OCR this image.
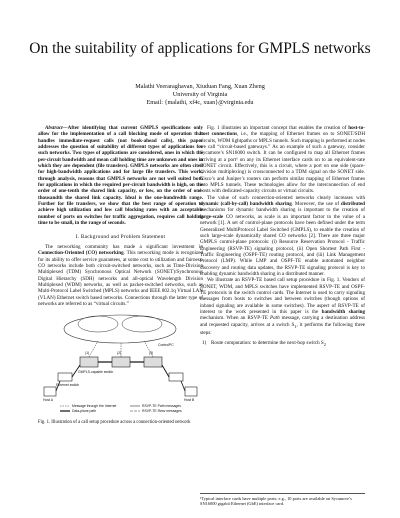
On the suitability of applications for GMPLS networks
Malathi Veeraraghavan, Xiuduan Fang, Xuan Zheng
University of Virginia
Email: {malathi, xf4c, xuan}@virginia.edu

Abstract—After identifying that current GMPLS specifications only allow for the implementation of a call blocking mode of operation that handles immediate-request calls (not book-ahead calls), this paper addresses the question of suitability of different types of applications for such networks. Two types of applications are considered, ones in which the per-circuit bandwidth and mean call holding time are unknown and ones in which they are dependent (file transfers). GMPLS networks are often cited for high-bandwidth applications and for large file transfers. This work, through analysis, reasons that GMPLS networks are not well suited both for applications in which the required per-circuit bandwidth is high, on the order of one-tenth the shared link capacity, or low, on the order of one-thousandth the shared link capacity. Ideal is the one-hundredth range. Further for file transfers, we show that the best range of operation to achieve high utilization and low call blocking rates with an acceptable number of ports on switches for traffic aggregation, requires call holding time to be small, in the range of seconds.

I. Background and Problem Statement

The networking community has made a significant investment in Connection-Oriented (CO) networking. This networking mode is recognized for its ability to offer service guarantees, at some cost to utilization and fairness. CO networks include both circuit-switched networks, such as Time-Division Multiplexed (TDM) Synchronous Optical Network (SONET)/Synchronous Digital Hierarchy (SDH) networks and all-optical Wavelength Division Multiplexed (WDM) networks, as well as packet-switched networks, such as Multi-Protocol Label Switched (MPLS) networks and IEEE 802.1q Virtual LAN (VLAN) Ethernet switch based networks. Connections through the latter type of networks are referred to as “virtual circuits.”

(1)	(2)	(3)
Host A	Host B
GMPLS-capable switch
Ethernet switch
ControlPC
Message through the Internet
Data-plane path
RSVP-TE Path messages
RSVP-TE Resv messages
Fig. 1. Illustration of a call setup procedure across a connection-oriented network

Fig. 1 illustrates an important concept that enables the creation of host-to-host connections, i.e., the mapping of Ethernet frames on to SONET/SDH circuits, WDM lightpaths or MPLS tunnels. Such mapping is performed at nodes we call “circuit-based gateways.” As an example of such a gateway, consider Sycamore’s SN16000 switch. It can be configured to map all Ethernet frames arriving at a port¹ on any its Ethernet interface cards on to an equivalent-rate SONET circuit. Effectively, this is a circuit, where a port on one side (space-division multiplexing) is crossconnected to a TDM signal on the SONET side. Cisco’s and Juniper’s routers can perform similar mapping of Ethernet frames into MPLS tunnels. These technologies allow for the interconnection of end hosts with dedicated-capacity circuits or virtual circuits.

The value of such connection-oriented networks clearly increases with dynamic (call-by-call) bandwidth sharing. Moreover, the use of distributed mechanisms for dynamic bandwidth sharing is important to the creation of large-scale CO networks, as scale is an important factor to the value of a network [1]. A set of control-plane protocols have been defined under the term Generalized MultiProtocol Label Switched (GMPLS), to enable the creation of such large-scale dynamically shared CO networks [2]. There are three major GMPLS control-plane protocols: (i) Resource Reservation Protocol - Traffic Engineering (RSVP-TE) signaling protocol, (ii) Open Shortest Path First - Traffic Engineering (OSPF-TE) routing protocol, and (iii) Link Management Protocol (LMP). While LMP and OSPF-TE enable automated neighbor discovery and routing data updates, the RSVP-TE signaling protocol is key to enabling dynamic bandwidth sharing in a distributed manner.

We illustrate an RSVP-TE based call setup procedure in Fig. 1. Vendors of SONET, WDM, and MPLS switches have implemented RSVP-TE and OSPF-TE protocols in the switch control cards. The Internet is used to carry signaling messages from hosts to switches and between switches (though options of inband signaling are available in some switches). The aspect of RSVP-TE of interest to the work presented in this paper is the bandwidth sharing mechanism. When an RSVP-TE Path message, carrying a destination address and requested capacity, arrives at a switch $S_1$, it performs the following three steps:

1) Route computation: to determine the next-hop switch $S_2$
¹Typical interface cards have multiple ports; e.g., 10 ports are available on Sycamore’s SN16000 gigabit Ethernet (GbE) interface card.
